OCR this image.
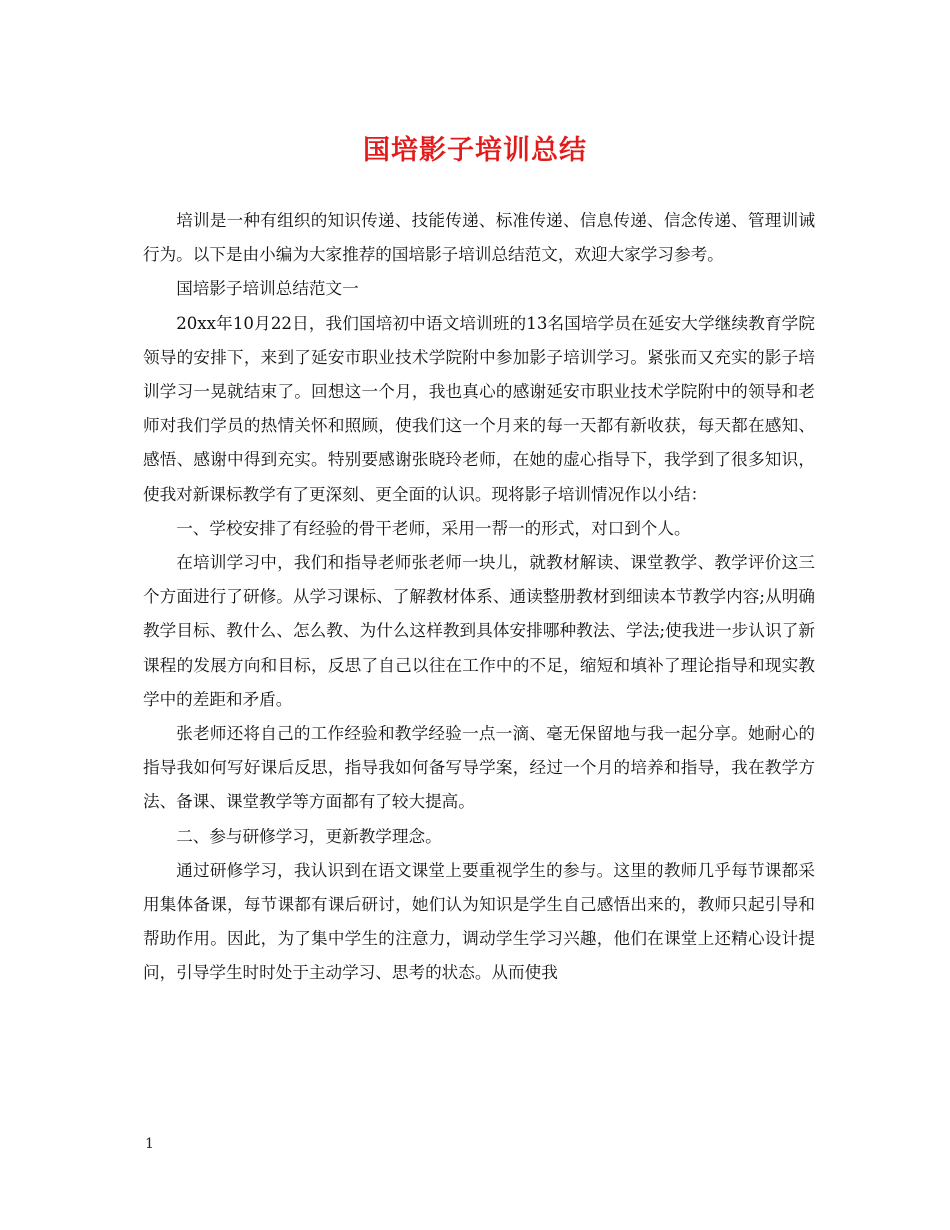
国培影子培训总结

培训是一种有组织的知识传递、技能传递、标准传递、信息传递、信念传递、管理训诫行为。以下是由小编为大家推荐的国培影子培训总结范文，欢迎大家学习参考。

国培影子培训总结范文一

20xx年10月22日，我们国培初中语文培训班的13名国培学员在延安大学继续教育学院领导的安排下，来到了延安市职业技术学院附中参加影子培训学习。紧张而又充实的影子培训学习一晃就结束了。回想这一个月，我也真心的感谢延安市职业技术学院附中的领导和老师对我们学员的热情关怀和照顾，使我们这一个月来的每一天都有新收获，每天都在感知、感悟、感谢中得到充实。特别要感谢张晓玲老师，在她的虚心指导下，我学到了很多知识，使我对新课标教学有了更深刻、更全面的认识。现将影子培训情况作以小结：

一、学校安排了有经验的骨干老师，采用一帮一的形式，对口到个人。

在培训学习中，我们和指导老师张老师一块儿，就教材解读、课堂教学、教学评价这三个方面进行了研修。从学习课标、了解教材体系、通读整册教材到细读本节教学内容;从明确教学目标、教什么、怎么教、为什么这样教到具体安排哪种教法、学法;使我进一步认识了新课程的发展方向和目标，反思了自己以往在工作中的不足，缩短和填补了理论指导和现实教学中的差距和矛盾。

张老师还将自己的工作经验和教学经验一点一滴、毫无保留地与我一起分享。她耐心的指导我如何写好课后反思，指导我如何备写导学案，经过一个月的培养和指导，我在教学方法、备课、课堂教学等方面都有了较大提高。

二、参与研修学习，更新教学理念。

通过研修学习，我认识到在语文课堂上要重视学生的参与。这里的教师几乎每节课都采用集体备课，每节课都有课后研讨，她们认为知识是学生自己感悟出来的，教师只起引导和帮助作用。因此，为了集中学生的注意力，调动学生学习兴趣，他们在课堂上还精心设计提问，引导学生时时处于主动学习、思考的状态。从而使我

1
